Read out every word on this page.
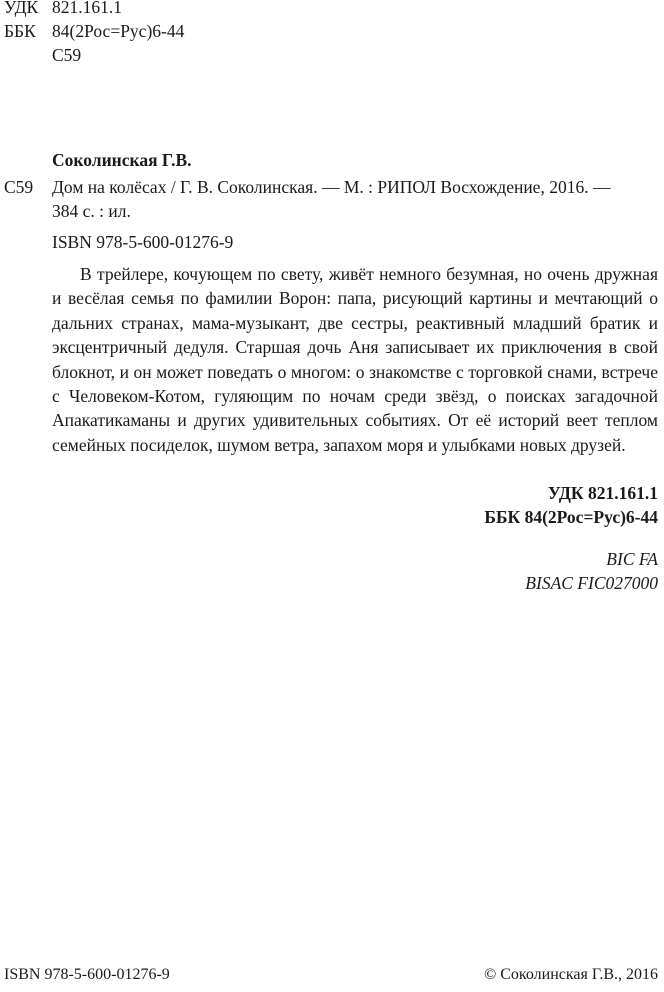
УДК 821.161.1
ББК 84(2Рос=Рус)6-44
С59
Соколинская Г.В.
С59 Дом на колёсах / Г. В. Соколинская. — М. : РИПОЛ Восхождение, 2016. —
384 с. : ил.
ISBN 978-5-600-01276-9

В трейлере, кочующем по свету, живёт немного безумная, но очень дружная и весёлая семья по фамилии Ворон: папа, рисующий картины и мечтающий о дальних странах, мама-музыкант, две сестры, реактивный младший братик и эксцентричный дедуля. Старшая дочь Аня записывает их приключения в свой блокнот, и он может поведать о многом: о знакомстве с торговкой снами, встрече с Человеком-Котом, гуляющим по ночам среди звёзд, о поисках загадочной Апакатикаманы и других удивительных событиях. От её историй веет теплом семейных посиделок, шумом ветра, запахом моря и улыбками новых друзей.

УДК 821.161.1
ББК 84(2Рос=Рус)6-44
BIC FA
BISAC FIC027000
ISBN 978-5-600-01276-9	© Соколинская Г.В., 2016
